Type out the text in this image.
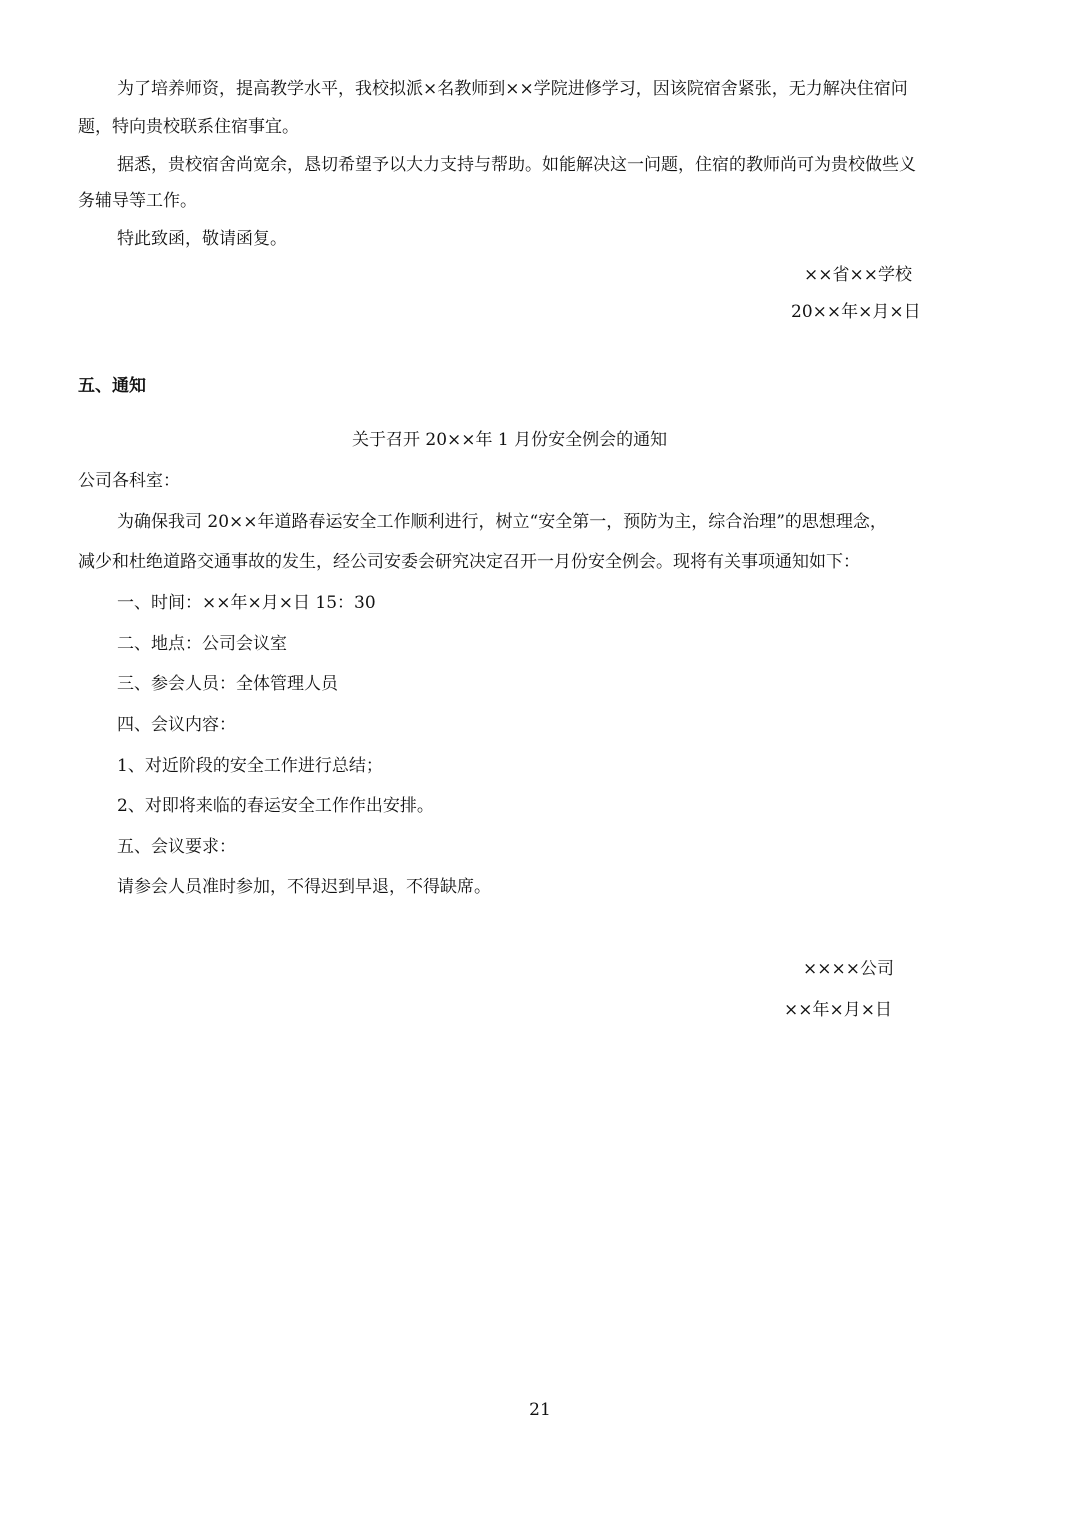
为了培养师资，提高教学水平，我校拟派×名教师到××学院进修学习，因该院宿舍紧张，无力解决住宿问
题，特向贵校联系住宿事宜。
据悉，贵校宿舍尚宽余，恳切希望予以大力支持与帮助。如能解决这一问题，住宿的教师尚可为贵校做些义
务辅导等工作。
特此致函，敬请函复。
××省××学校
20××年×月×日
五、通知
关于召开 20××年 1 月份安全例会的通知
公司各科室：
为确保我司 20××年道路春运安全工作顺利进行，树立“安全第一，预防为主，综合治理”的思想理念，
减少和杜绝道路交通事故的发生，经公司安委会研究决定召开一月份安全例会。现将有关事项通知如下：
一、时间：××年×月×日 15：30
二、地点：公司会议室
三、参会人员：全体管理人员
四、会议内容：
1、对近阶段的安全工作进行总结；
2、对即将来临的春运安全工作作出安排。
五、会议要求：
请参会人员准时参加，不得迟到早退，不得缺席。
××××公司
××年×月×日
21
